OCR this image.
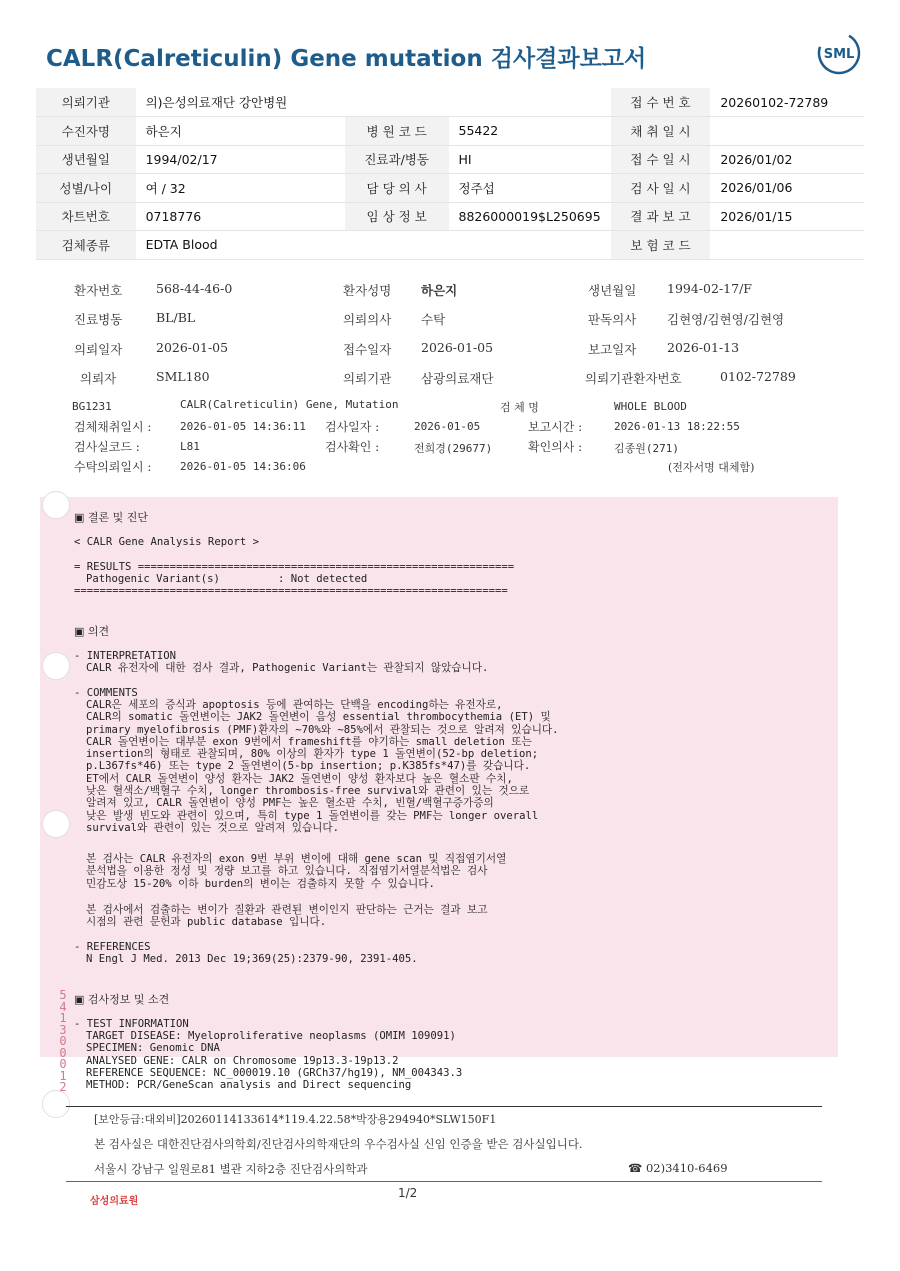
CALR(Calreticulin) Gene mutation 검사결과보고서	SML
의뢰기관	의)은성의료재단 강안병원			접 수 번 호	20260102-72789
수진자명	하은지	병 원 코 드	55422	채 취 일 시	
생년월일	1994/02/17	진료과/병동	HI	접 수 일 시	2026/01/02
성별/나이	여 / 32	담 당 의 사	정주섭	검 사 일 시	2026/01/06
차트번호	0718776	임 상 정 보	8826000019$L250695	결 과 보 고	2026/01/15
검체종류	EDTA Blood			보 험 코 드	
환자번호	568-44-46-0	환자성명 하은지	생년월일 1994-02-17/F
진료병동	BL/BL	의뢰의사 수탁	판독의사 김현영/김현영/김현영
의뢰일자	2026-01-05	접수일자 2026-01-05	보고일자 2026-01-13
의뢰자	SML180	의뢰기관 삼광의료재단	의뢰기관환자번호	0102-72789
BG1231	CALR(Calreticulin) Gene, Mutation	검 체 명	WHOLE BLOOD
검체채취일시 :	2026-01-05 14:36:11 검사일자 :	2026-01-05	보고시간 :	2026-01-13 18:22:55
검사실코드 :	L81	검사확인 :	전희경(29677)	확인의사 :	김종원(271)
수탁의뢰일시 :	2026-01-05 14:36:06	(전자서명 대체함)
▣ 결론 및 진단
< CALR Gene Analysis Report >
= RESULTS ===========================================================
Pathogenic Variant(s)	: Not detected
====================================================================
▣ 의견
- INTERPRETATION
CALR 유전자에 대한 검사 결과, Pathogenic Variant는 관찰되지 않았습니다.
- COMMENTS
CALR은 세포의 증식과 apoptosis 등에 관여하는 단백을 encoding하는 유전자로,
CALR의 somatic 돌연변이는 JAK2 돌연변이 음성 essential thrombocythemia (ET) 및
primary myelofibrosis (PMF)환자의 ~70%와 ~85%에서 관찰되는 것으로 알려져 있습니다.
CALR 돌연변이는 대부분 exon 9번에서 frameshift를 야기하는 small deletion 또는
insertion의 형태로 관찰되며, 80% 이상의 환자가 type 1 돌연변이(52-bp deletion;
p.L367fs*46) 또는 type 2 돌연변이(5-bp insertion; p.K385fs*47)를 갖습니다.
ET에서 CALR 돌연변이 양성 환자는 JAK2 돌연변이 양성 환자보다 높은 혈소판 수치,
낮은 혈색소/백혈구 수치, longer thrombosis-free survival와 관련이 있는 것으로
알려져 있고, CALR 돌연변이 양성 PMF는 높은 혈소판 수치, 빈혈/백혈구증가증의
낮은 발생 빈도와 관련이 있으며, 특히 type 1 돌연변이를 갖는 PMF는 longer overall
survival와 관련이 있는 것으로 알려져 있습니다.
본 검사는 CALR 유전자의 exon 9번 부위 변이에 대해 gene scan 및 직접염기서열
분석법을 이용한 정성 및 정량 보고를 하고 있습니다. 직접염기서열분석법은 검사
민감도상 15-20% 이하 burden의 변이는 검출하지 못할 수 있습니다.
본 검사에서 검출하는 변이가 질환과 관련된 변이인지 판단하는 근거는 결과 보고
시점의 관련 문헌과 public database 입니다.
- REFERENCES
N Engl J Med. 2013 Dec 19;369(25):2379-90, 2391-405.
▣ 검사정보 및 소견
- TEST INFORMATION
TARGET DISEASE: Myeloproliferative neoplasms (OMIM 109091)
SPECIMEN: Genomic DNA
ANALYSED GENE: CALR on Chromosome 19p13.3-19p13.2
REFERENCE SEQUENCE: NC_000019.10 (GRCh37/hg19), NM_004343.3
METHOD: PCR/GeneScan analysis and Direct sequencing
541300012
[보안등급:대외비]20260114133614*119.4.22.58*박장용294940*SLW150F1
본 검사실은 대한진단검사의학회/진단검사의학재단의 우수검사실 신임 인증을 받은 검사실입니다.
서울시 강남구 일원로81 별관 지하2층 진단검사의학과	☎ 02)3410-6469
삼성의료원
1/2
